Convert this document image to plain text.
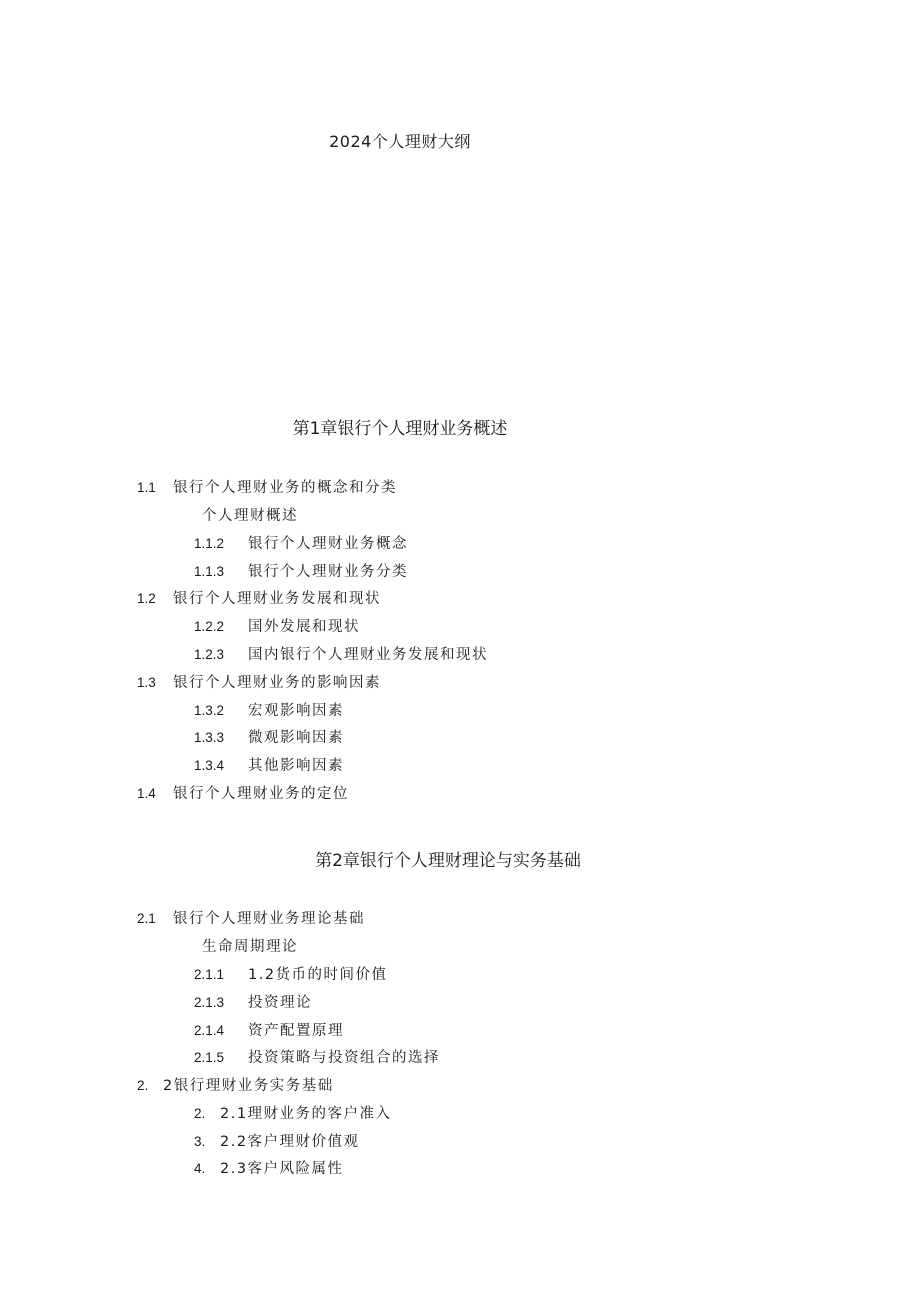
2024个人理财大纲
第1章银行个人理财业务概述
1.1 银行个人理财业务的概念和分类
个人理财概述
1.1.2 银行个人理财业务概念
1.1.3 银行个人理财业务分类
1.2 银行个人理财业务发展和现状
1.2.2 国外发展和现状
1.2.3 国内银行个人理财业务发展和现状
1.3 银行个人理财业务的影响因素
1.3.2 宏观影响因素
1.3.3 微观影响因素
1.3.4 其他影响因素
1.4 银行个人理财业务的定位
第2章银行个人理财理论与实务基础
2.1 银行个人理财业务理论基础
生命周期理论
2.1.1 1.2货币的时间价值
2.1.3 投资理论
2.1.4 资产配置原理
2.1.5 投资策略与投资组合的选择
2. 2银行理财业务实务基础
2. 2.1理财业务的客户准入
3. 2.2客户理财价值观
4. 2.3客户风险属性
